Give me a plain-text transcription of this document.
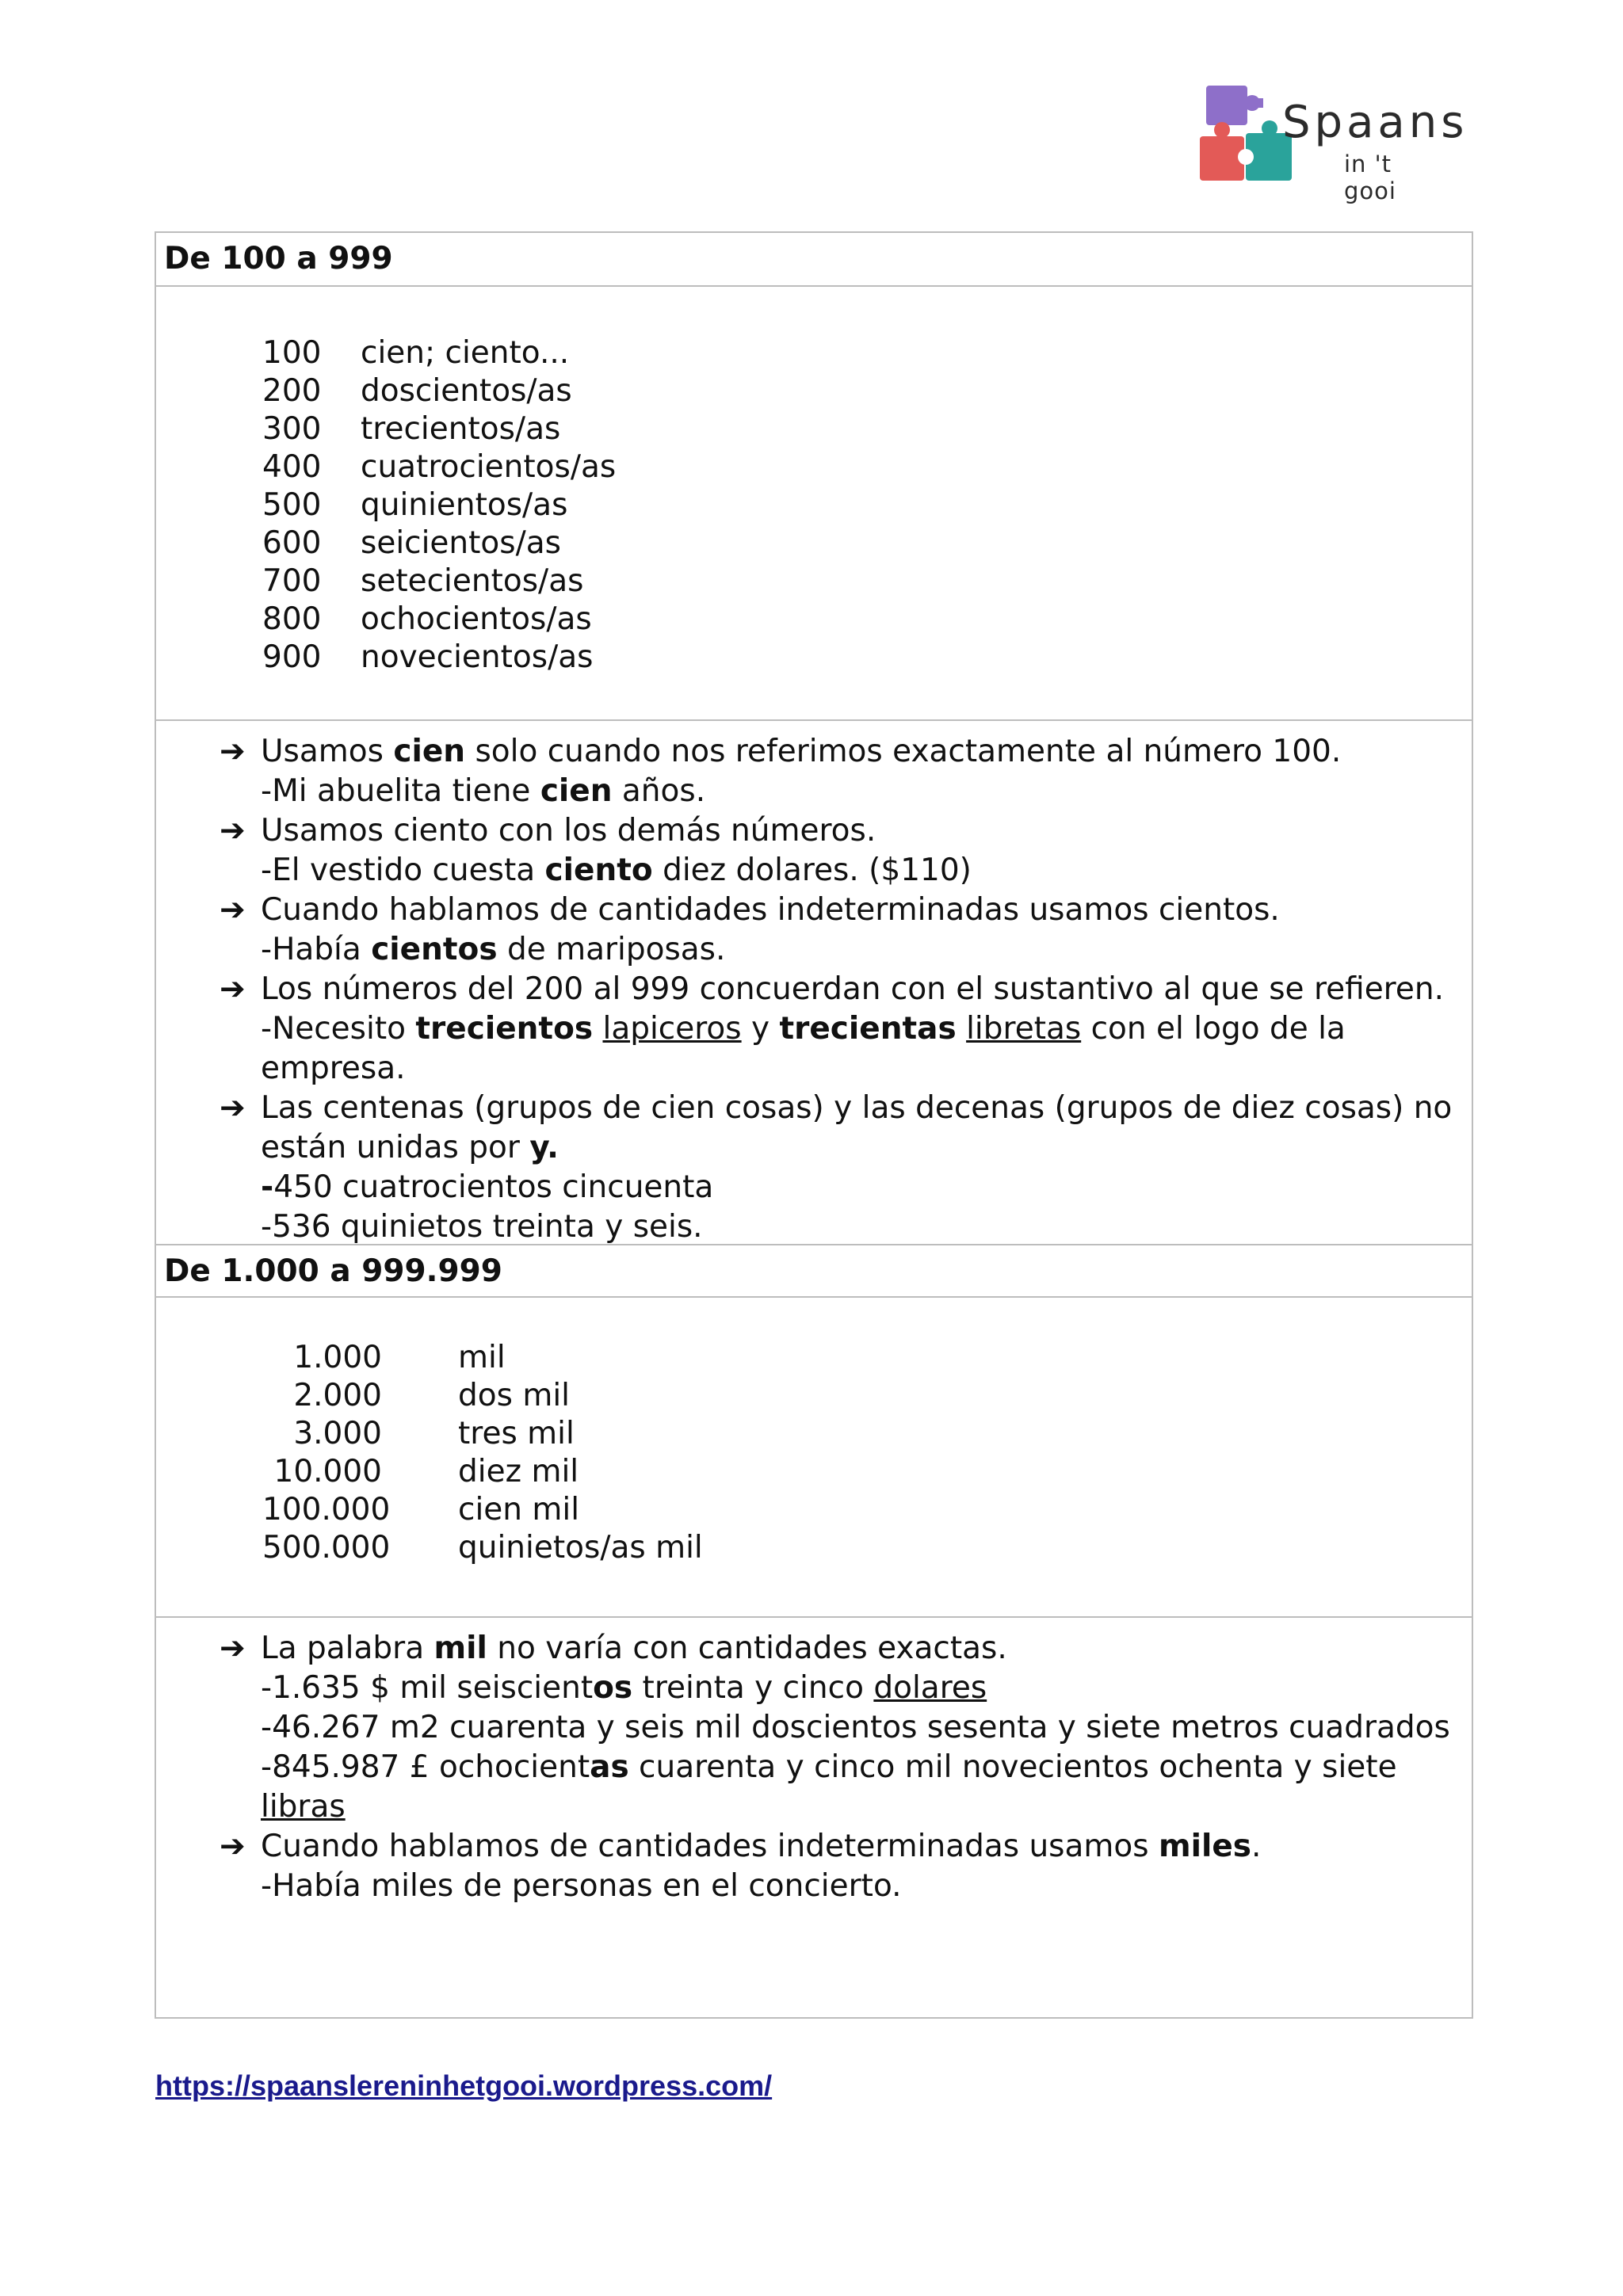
Spaans
in 't gooi
De 100 a 999
100	cien; ciento...
200	doscientos/as
300	trecientos/as
400	cuatrocientos/as
500	quinientos/as
600	seicientos/as
700	setecientos/as
800	ochocientos/as
900	novecientos/as
➔ Usamos cien solo cuando nos referimos exactamente al número 100.
-Mi abuelita tiene cien años.
➔ Usamos ciento con los demás números.
-El vestido cuesta ciento diez dolares. ($110)
➔ Cuando hablamos de cantidades indeterminadas usamos cientos.
-Había cientos de mariposas.
➔ Los números del 200 al 999 concuerdan con el sustantivo al que se refieren.
-Necesito trecientos lapiceros y trecientas libretas con el logo de la empresa.
➔ Las centenas (grupos de cien cosas) y las decenas (grupos de diez cosas) no están unidas por y.
-450 cuatrocientos cincuenta
-536 quinietos treinta y seis.
De 1.000 a 999.999
1.000	mil
2.000	dos mil
3.000	tres mil
10.000	diez mil
100.000	cien mil
500.000	quinietos/as mil
➔ La palabra mil no varía con cantidades exactas.
-1.635 $ mil seiscientos treinta y cinco dolares
-46.267 m2 cuarenta y seis mil doscientos sesenta y siete metros cuadrados
-845.987 £ ochocientas cuarenta y cinco mil novecientos ochenta y siete libras
➔ Cuando hablamos de cantidades indeterminadas usamos miles.
-Había miles de personas en el concierto.
https://spaanslereninhetgooi.wordpress.com/
